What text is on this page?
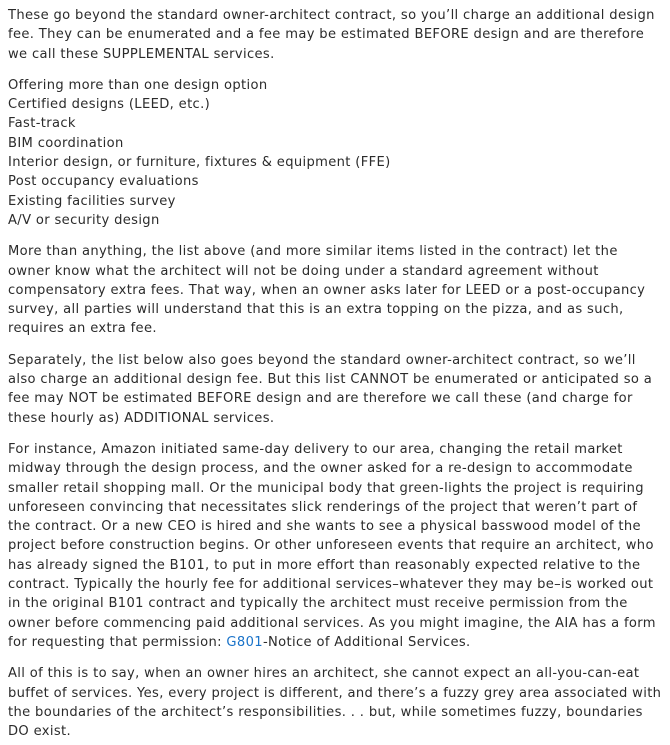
These go beyond the standard owner-architect contract, so you’ll charge an additional design fee. They can be enumerated and a fee may be estimated BEFORE design and are therefore we call these SUPPLEMENTAL services.

Offering more than one design option
Certified designs (LEED, etc.)
Fast-track
BIM coordination
Interior design, or furniture, fixtures & equipment (FFE)
Post occupancy evaluations
Existing facilities survey
A/V or security design

More than anything, the list above (and more similar items listed in the contract) let the owner know what the architect will not be doing under a standard agreement without compensatory extra fees. That way, when an owner asks later for LEED or a post-occupancy survey, all parties will understand that this is an extra topping on the pizza, and as such, requires an extra fee.

Separately, the list below also goes beyond the standard owner-architect contract, so we’ll also charge an additional design fee. But this list CANNOT be enumerated or anticipated so a fee may NOT be estimated BEFORE design and are therefore we call these (and charge for these hourly as) ADDITIONAL services.

For instance, Amazon initiated same-day delivery to our area, changing the retail market midway through the design process, and the owner asked for a re-design to accommodate smaller retail shopping mall. Or the municipal body that green-lights the project is requiring unforeseen convincing that necessitates slick renderings of the project that weren’t part of the contract. Or a new CEO is hired and she wants to see a physical basswood model of the project before construction begins. Or other unforeseen events that require an architect, who has already signed the B101, to put in more effort than reasonably expected relative to the contract. Typically the hourly fee for additional services–whatever they may be–is worked out in the original B101 contract and typically the architect must receive permission from the owner before commencing paid additional services. As you might imagine, the AIA has a form for requesting that permission: G801-Notice of Additional Services.

All of this is to say, when an owner hires an architect, she cannot expect an all-you-can-eat buffet of services. Yes, every project is different, and there’s a fuzzy grey area associated with the boundaries of the architect’s responsibilities. . . but, while sometimes fuzzy, boundaries DO exist.
